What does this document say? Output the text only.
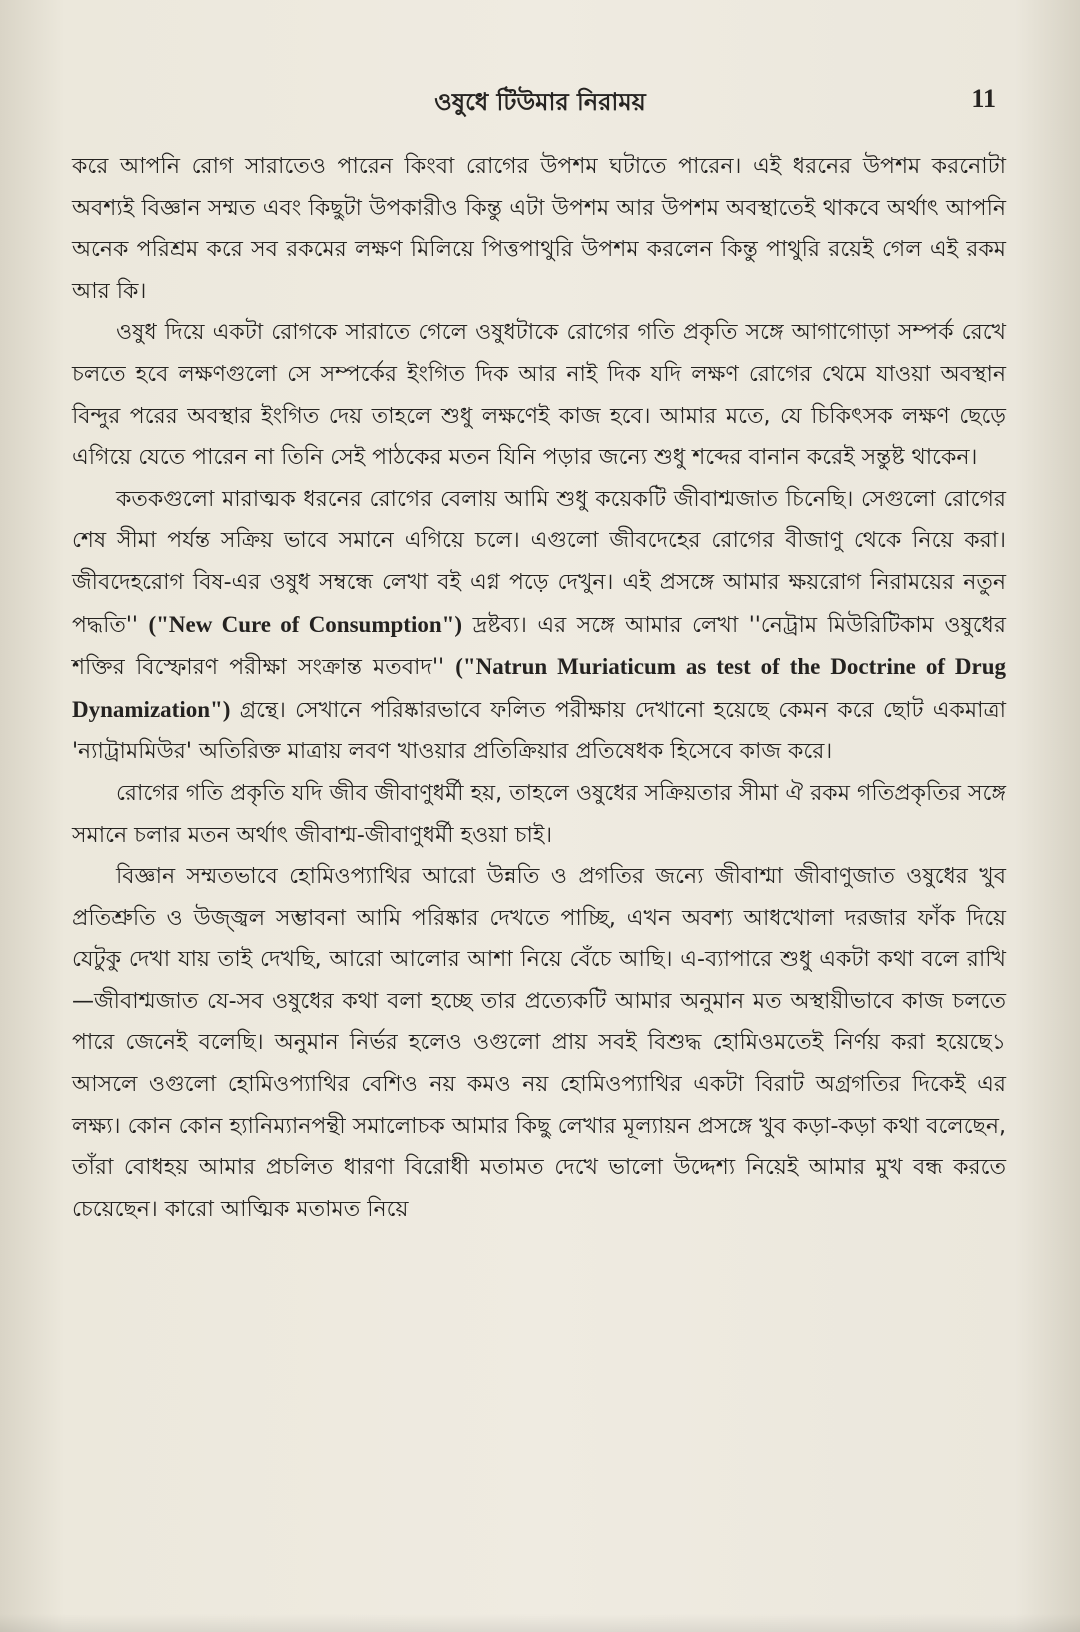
ওষুধে টিউমার নিরাময়	11

করে আপনি রোগ সারাতেও পারেন কিংবা রোগের উপশম ঘটাতে পারেন। এই ধরনের উপশম করনোটা অবশ্যই বিজ্ঞান সম্মত এবং কিছুটা উপকারীও কিন্তু এটা উপশম আর উপশম অবস্থাতেই থাকবে অর্থাৎ আপনি অনেক পরিশ্রম করে সব রকমের লক্ষণ মিলিয়ে পিত্তপাথুরি উপশম করলেন কিন্তু পাথুরি রয়েই গেল এই রকম আর কি।

ওষুধ দিয়ে একটা রোগকে সারাতে গেলে ওষুধটাকে রোগের গতি প্রকৃতি সঙ্গে আগাগোড়া সম্পর্ক রেখে চলতে হবে লক্ষণগুলো সে সম্পর্কের ইংগিত দিক আর নাই দিক যদি লক্ষণ রোগের থেমে যাওয়া অবস্থান বিন্দুর পরের অবস্থার ইংগিত দেয় তাহলে শুধু লক্ষণেই কাজ হবে। আমার মতে, যে চিকিৎসক লক্ষণ ছেড়ে এগিয়ে যেতে পারেন না তিনি সেই পাঠকের মতন যিনি পড়ার জন্যে শুধু শব্দের বানান করেই সন্তুষ্ট থাকেন।

কতকগুলো মারাত্মক ধরনের রোগের বেলায় আমি শুধু কয়েকটি জীবাশ্মজাত চিনেছি। সেগুলো রোগের শেষ সীমা পর্যন্ত সক্রিয় ভাবে সমানে এগিয়ে চলে। এগুলো জীবদেহের রোগের বীজাণু থেকে নিয়ে করা। জীবদেহরোগ বিষ-এর ওষুধ সম্বন্ধে লেখা বই এগ্ন পড়ে দেখুন। এই প্রসঙ্গে আমার ক্ষয়রোগ নিরাময়ের নতুন পদ্ধতি'' ("New Cure of Consumption") দ্রষ্টব্য। এর সঙ্গে আমার লেখা ''নেট্রাম মিউরিটিকাম ওষুধের শক্তির বিস্ফোরণ পরীক্ষা সংক্রান্ত মতবাদ'' ("Natrun Muriaticum as test of the Doctrine of Drug Dynamization") গ্রন্থে। সেখানে পরিষ্কারভাবে ফলিত পরীক্ষায় দেখানো হয়েছে কেমন করে ছোট একমাত্রা 'ন্যাট্রামমিউর' অতিরিক্ত মাত্রায় লবণ খাওয়ার প্রতিক্রিয়ার প্রতিষেধক হিসেবে কাজ করে।

রোগের গতি প্রকৃতি যদি জীব জীবাণুধর্মী হয়, তাহলে ওষুধের সক্রিয়তার সীমা ঐ রকম গতিপ্রকৃতির সঙ্গে সমানে চলার মতন অর্থাৎ জীবাশ্ম-জীবাণুধর্মী হওয়া চাই।

বিজ্ঞান সম্মতভাবে হোমিওপ্যাথির আরো উন্নতি ও প্রগতির জন্যে জীবাশ্মা জীবাণুজাত ওষুধের খুব প্রতিশ্রুতি ও উজ্জ্বল সম্ভাবনা আমি পরিষ্কার দেখতে পাচ্ছি, এখন অবশ্য আধখোলা দরজার ফাঁক দিয়ে যেটুকু দেখা যায় তাই দেখছি, আরো আলোর আশা নিয়ে বেঁচে আছি। এ-ব্যাপারে শুধু একটা কথা বলে রাখি—জীবাশ্মজাত যে-সব ওষুধের কথা বলা হচ্ছে তার প্রত্যেকটি আমার অনুমান মত অস্থায়ীভাবে কাজ চলতে পারে জেনেই বলেছি। অনুমান নির্ভর হলেও ওগুলো প্রায় সবই বিশুদ্ধ হোমিওমতেই নির্ণয় করা হয়েছে১ আসলে ওগুলো হোমিওপ্যাথির বেশিও নয় কমও নয় হোমিওপ্যাথির একটা বিরাট অগ্রগতির দিকেই এর লক্ষ্য। কোন কোন হ্যানিম্যানপন্থী সমালোচক আমার কিছু লেখার মূল্যায়ন প্রসঙ্গে খুব কড়া-কড়া কথা বলেছেন, তাঁরা বোধহয় আমার প্রচলিত ধারণা বিরোধী মতামত দেখে ভালো উদ্দেশ্য নিয়েই আমার মুখ বন্ধ করতে চেয়েছেন। কারো আত্মিক মতামত নিয়ে
